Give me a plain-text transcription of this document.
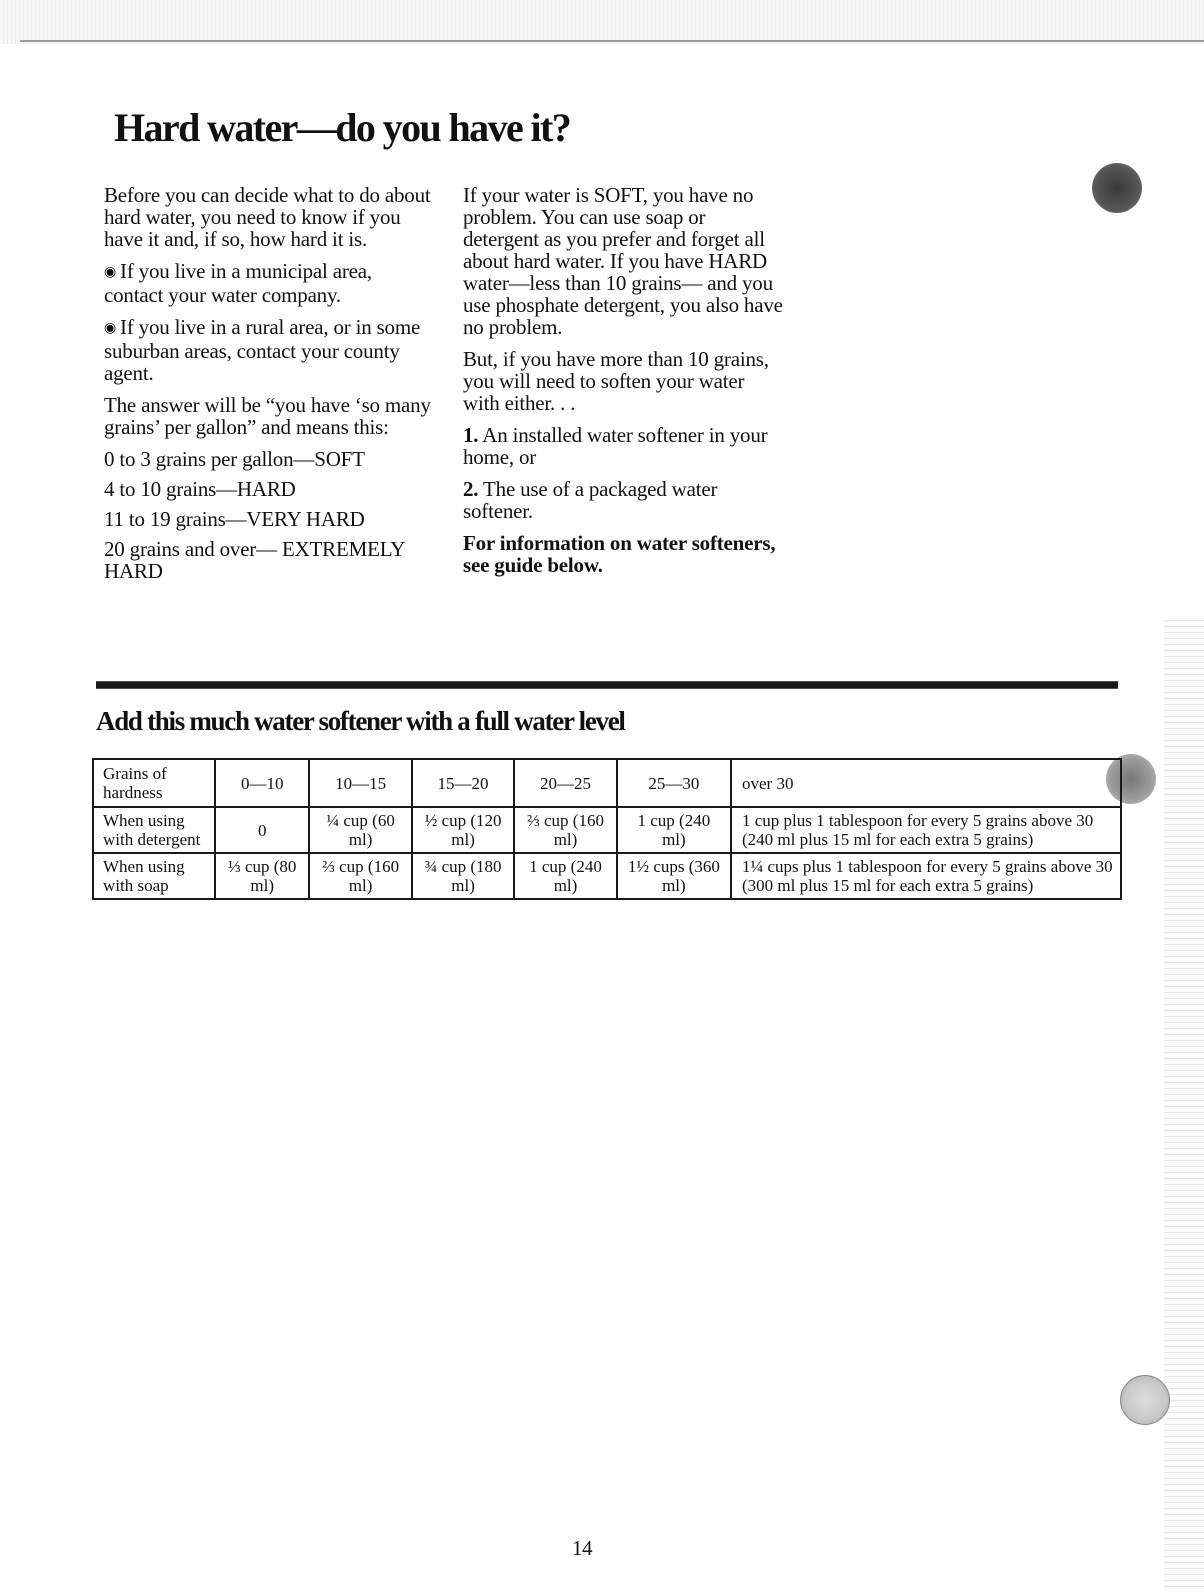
Hard water—do you have it?

Before you can decide what to do about hard water, you need to know if you have it and, if so, how hard it is.

◉ If you live in a municipal area, contact your water company.

◉ If you live in a rural area, or in some suburban areas, contact your county agent.

The answer will be “you have ‘so many grains’ per gallon” and means this:

0 to 3 grains per gallon—SOFT

4 to 10 grains—HARD

11 to 19 grains—VERY HARD

20 grains and over— EXTREMELY HARD

If your water is SOFT, you have no problem. You can use soap or detergent as you prefer and forget all about hard water. If you have HARD water—less than 10 grains— and you use phosphate detergent, you also have no problem.

But, if you have more than 10 grains, you will need to soften your water with either. . .

1. An installed water softener in your home, or

2. The use of a packaged water softener.

For information on water softeners, see guide below.

Add this much water softener with a full water level
Grains of hardness	0—10	10—15	15—20	20—25	25—30	over 30
When using with detergent	0	¼ cup (60 ml)	½ cup (120 ml)	⅔ cup (160 ml)	1 cup (240 ml)	1 cup plus 1 tablespoon for every 5 grains above 30 (240 ml plus 15 ml for each extra 5 grains)
When using with soap	⅓ cup (80 ml)	⅔ cup (160 ml)	¾ cup (180 ml)	1 cup (240 ml)	1½ cups (360 ml)	1¼ cups plus 1 tablespoon for every 5 grains above 30 (300 ml plus 15 ml for each extra 5 grains)
14
